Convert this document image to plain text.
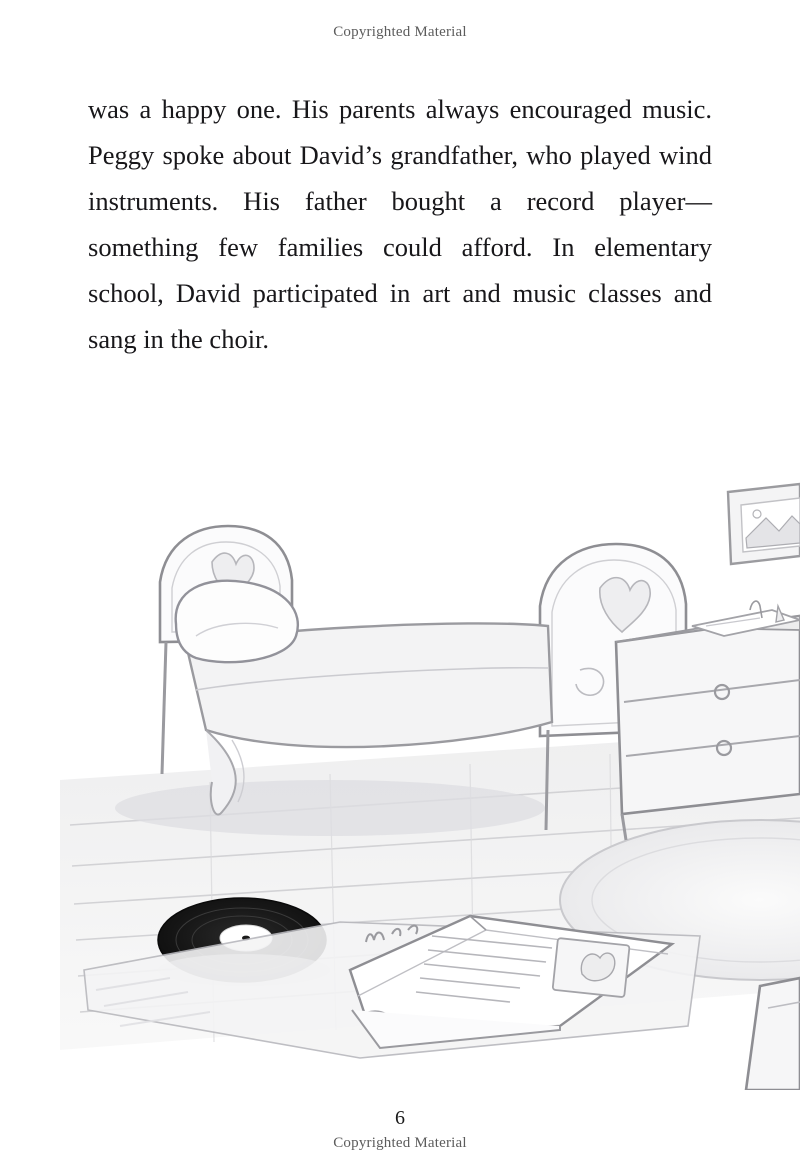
Copyrighted Material
was a happy one. His parents always encouraged music. Peggy spoke about David’s grandfather, who played wind instruments. His father bought a record player—something few families could afford. In elementary school, David participated in art and music classes and sang in the choir.
6
Copyrighted Material
